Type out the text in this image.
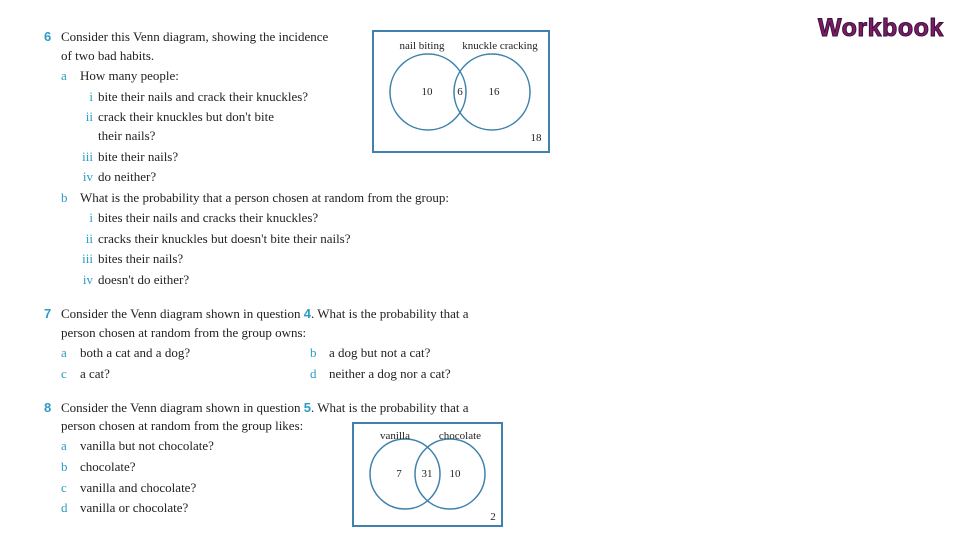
Workbook
6 Consider this Venn diagram, showing the incidence
of two bad habits.
a How many people:
i bite their nails and crack their knuckles?
ii crack their knuckles but don't bite
their nails?
iii bite their nails?
iv do neither?
b What is the probability that a person chosen at random from the group:
i bites their nails and cracks their knuckles?
ii cracks their knuckles but doesn't bite their nails?
iii bites their nails?
iv doesn't do either?
nail biting knuckle cracking
10 6 16
18
vanilla	chocolate
7 31 10
2
7 Consider the Venn diagram shown in question 4. What is the probability that a
person chosen at random from the group owns:
a both a cat and a dog?	b a dog but not a cat?
c a cat?	d neither a dog nor a cat?
8 Consider the Venn diagram shown in question 5. What is the probability that a
person chosen at random from the group likes:
a vanilla but not chocolate?
b chocolate?
c vanilla and chocolate?
d vanilla or chocolate?
